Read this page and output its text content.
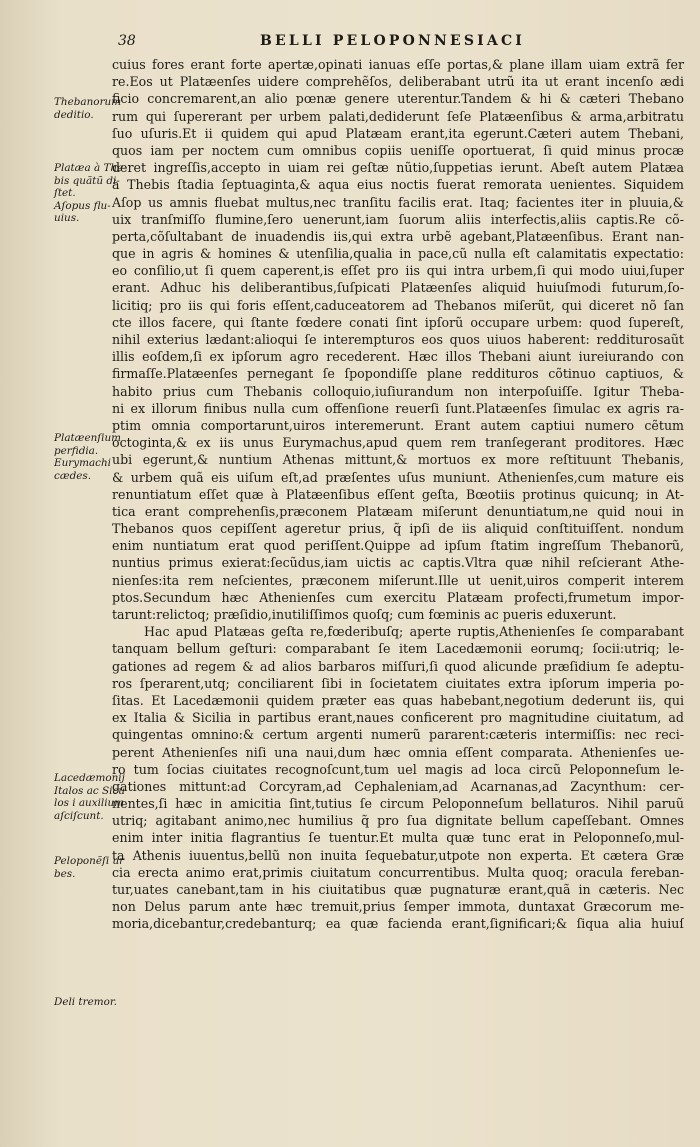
38	BELLI PELOPONNESIACI
Thebanorum
deditio.
Platæa à The-
bis quãtũ di-
ſtet.
Aſopus flu-
uius.
Platæenſium
perfidia.
Eurymachi
cædes.
Lacedæmonij
Italos ac Sicu
los i auxilium
aſciſcunt.
Peloponẽſi ur
bes.
Deli tremor.
cuius fores erant forte apertæ,opinati ianuas eſſe portas,& plane illam uiam extrã fer
re.Eos ut Platæenſes uidere comprehẽſos, deliberabant utrũ ita ut erant incenſo ædi
ficio concremarent,an alio pœnæ genere uterentur.Tandem & hi & cæteri Thebano
rum qui ſupererant per urbem palati,dediderunt ſeſe Platæenſibus & arma,arbitratu
ſuo uſuris.Et ii quidem qui apud Platæam erant,ita egerunt.Cæteri autem Thebani,
quos iam per noctem cum omnibus copiis ueniſſe oportuerat, ſi quid minus procæ
deret ingreſſis,accepto in uiam rei geſtæ nũtio,ſuppetias ierunt. Abeſt autem Platæa
à Thebis ſtadia ſeptuaginta,& aqua eius noctis fuerat remorata uenientes. Siquidem
Aſop us amnis fluebat multus,nec tranſitu facilis erat. Itaq; facientes iter in pluuia,&
uix tranſmiſſo flumine,ſero uenerunt,iam ſuorum aliis interfectis,aliis captis.Re cõ-
perta,cõſultabant de inuadendis iis,qui extra urbẽ agebant,Platæenſibus. Erant nan-
que in agris & homines & utenſilia,qualia in pace,cũ nulla eſt calamitatis expectatio:
eo conſilio,ut ſi quem caperent,is eſſet pro iis qui intra urbem,ſi qui modo uiui,ſuper
erant. Adhuc his deliberantibus,ſuſpicati Platæenſes aliquid huiuſmodi futurum,ſo-
licitiq; pro iis qui foris eſſent,caduceatorem ad Thebanos miſerũt, qui diceret nõ ſan
cte illos facere, qui ſtante fœdere conati ſint ipſorũ occupare urbem: quod ſupereſt,
nihil exterius lædant:alioqui ſe interempturos eos quos uiuos haberent: redditurosaũt
illis eoſdem,ſi ex ipſorum agro recederent. Hæc illos Thebani aiunt iureiurando con
firmaſſe.Platæenſes pernegant ſe ſpopondiſſe plane reddituros cõtinuo captiuos, &
habito prius cum Thebanis colloquio,iuſiurandum non interpoſuiſſe. Igitur Theba-
ni ex illorum finibus nulla cum offenſione reuerſi ſunt.Platæenſes ſimulac ex agris ra-
ptim omnia comportarunt,uiros interemerunt. Erant autem captiui numero cẽtum
octoginta,& ex iis unus Eurymachus,apud quem rem tranſegerant proditores. Hæc
ubi egerunt,& nuntium Athenas mittunt,& mortuos ex more reſtituunt Thebanis,
& urbem quã eis uiſum eſt,ad præſentes uſus muniunt. Athenienſes,cum mature eis
renuntiatum eſſet quæ à Platæenſibus eſſent geſta, Bœotiis protinus quicunq; in At-
tica erant comprehenſis,præconem Platæam miſerunt denuntiatum,ne quid noui in
Thebanos quos cepiſſent ageretur prius, q̃ ipſi de iis aliquid conſtituiſſent. nondum
enim nuntiatum erat quod periſſent.Quippe ad ipſum ſtatim ingreſſum Thebanorũ,
nuntius primus exierat:ſecũdus,iam uictis ac captis.Vltra quæ nihil reſcierant Athe-
nienſes:ita rem neſcientes, præconem miſerunt.Ille ut uenit,uiros comperit interem
ptos.Secundum hæc Athenienſes cum exercitu Platæam profecti,frumetum impor-
tarunt:relictoq; præſidio,inutiliſſimos quoſq; cum fœminis ac pueris eduxerunt.
Hac apud Platæas geſta re,fœderibuſq; aperte ruptis,Athenienſes ſe comparabant
tanquam bellum geſturi: comparabant ſe item Lacedæmonii eorumq; ſocii:utriq; le-
gationes ad regem & ad alios barbaros miſſuri,ſi quod alicunde præſidium ſe adeptu-
ros ſperarent,utq; conciliarent ſibi in ſocietatem ciuitates extra ipſorum imperia po-
ſitas. Et Lacedæmonii quidem præter eas quas habebant,negotium dederunt iis, qui
ex Italia & Sicilia in partibus erant,naues conficerent pro magnitudine ciuitatum, ad
quingentas omnino:& certum argenti numerũ pararent:cæteris intermiſſis: nec reci-
perent Athenienſes niſi una naui,dum hæc omnia eſſent comparata. Athenienſes ue-
ro tum ſocias ciuitates recognoſcunt,tum uel magis ad loca circũ Peloponneſum le-
gationes mittunt:ad Corcyram,ad Cephaleniam,ad Acarnanas,ad Zacynthum: cer-
nentes,ſi hæc in amicitia ſint,tutius ſe circum Peloponneſum bellaturos. Nihil paruũ
utriq; agitabant animo,nec humilius q̃ pro ſua dignitate bellum capeſſebant. Omnes
enim inter initia flagrantius ſe tuentur.Et multa quæ tunc erat in Peloponneſo,mul-
ta Athenis iuuentus,bellũ non inuita ſequebatur,utpote non experta. Et cætera Græ
cia erecta animo erat,primis ciuitatum concurrentibus. Multa quoq; oracula fereban-
tur,uates canebant,tam in his ciuitatibus quæ pugnaturæ erant,quã in cæteris. Nec
non Delus parum ante hæc tremuit,prius ſemper immota, duntaxat Græcorum me-
moria,dicebantur,credebanturq; ea quæ facienda erant,ſignificari;& ſiqua alia huiuſ
